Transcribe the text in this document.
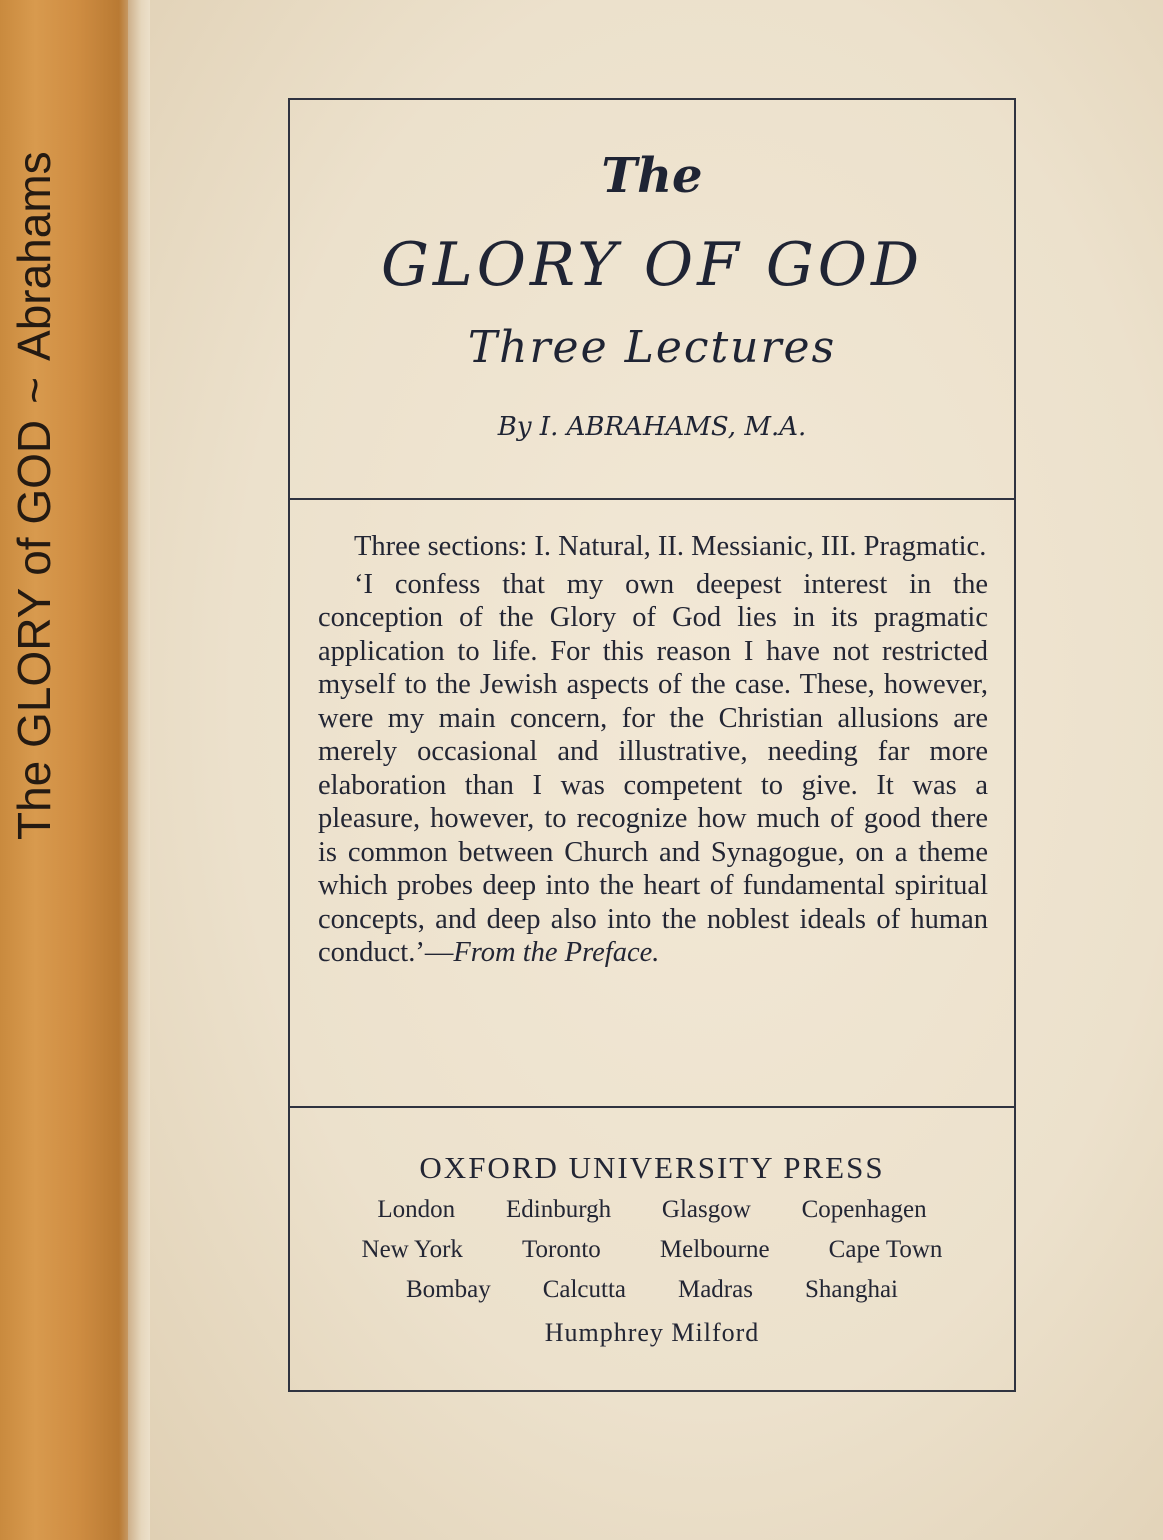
The GLORY of GOD
~
Abrahams	The
GLORY OF GOD
Three Lectures
By I. ABRAHAMS, M.A.

Three sections: I. Natural, II. Messianic, III. Pragmatic.

‘I confess that my own deepest interest in the conception of the Glory of God lies in its pragmatic application to life. For this reason I have not restricted myself to the Jewish aspects of the case. These, however, were my main concern, for the Christian allusions are merely occasional and illustrative, needing far more elaboration than I was competent to give. It was a pleasure, however, to recognize how much of good there is common between Church and Synagogue, on a theme which probes deep into the heart of fundamental spiritual concepts, and deep also into the noblest ideals of human conduct.’—From the Preface.

OXFORD UNIVERSITY PRESS
London Edinburgh Glasgow Copenhagen
New York Toronto Melbourne Cape Town
Bombay Calcutta Madras Shanghai
Humphrey Milford
